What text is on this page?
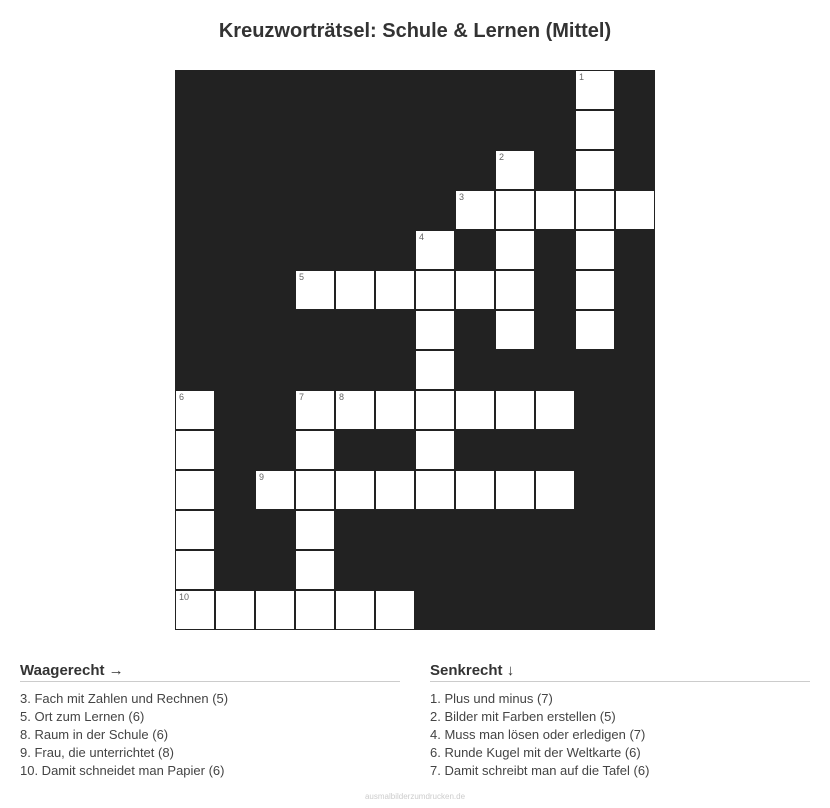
Kreuzworträtsel: Schule & Lernen (Mittel)
1
2
3
4
5
6	7	8
9
10
Waagerecht →
3. Fach mit Zahlen und Rechnen (5)
5. Ort zum Lernen (6)
8. Raum in der Schule (6)
9. Frau, die unterrichtet (8)
10. Damit schneidet man Papier (6)
Senkrecht ↓
1. Plus und minus (7)
2. Bilder mit Farben erstellen (5)
4. Muss man lösen oder erledigen (7)
6. Runde Kugel mit der Weltkarte (6)
7. Damit schreibt man auf die Tafel (6)
ausmalbilderzumdrucken.de
